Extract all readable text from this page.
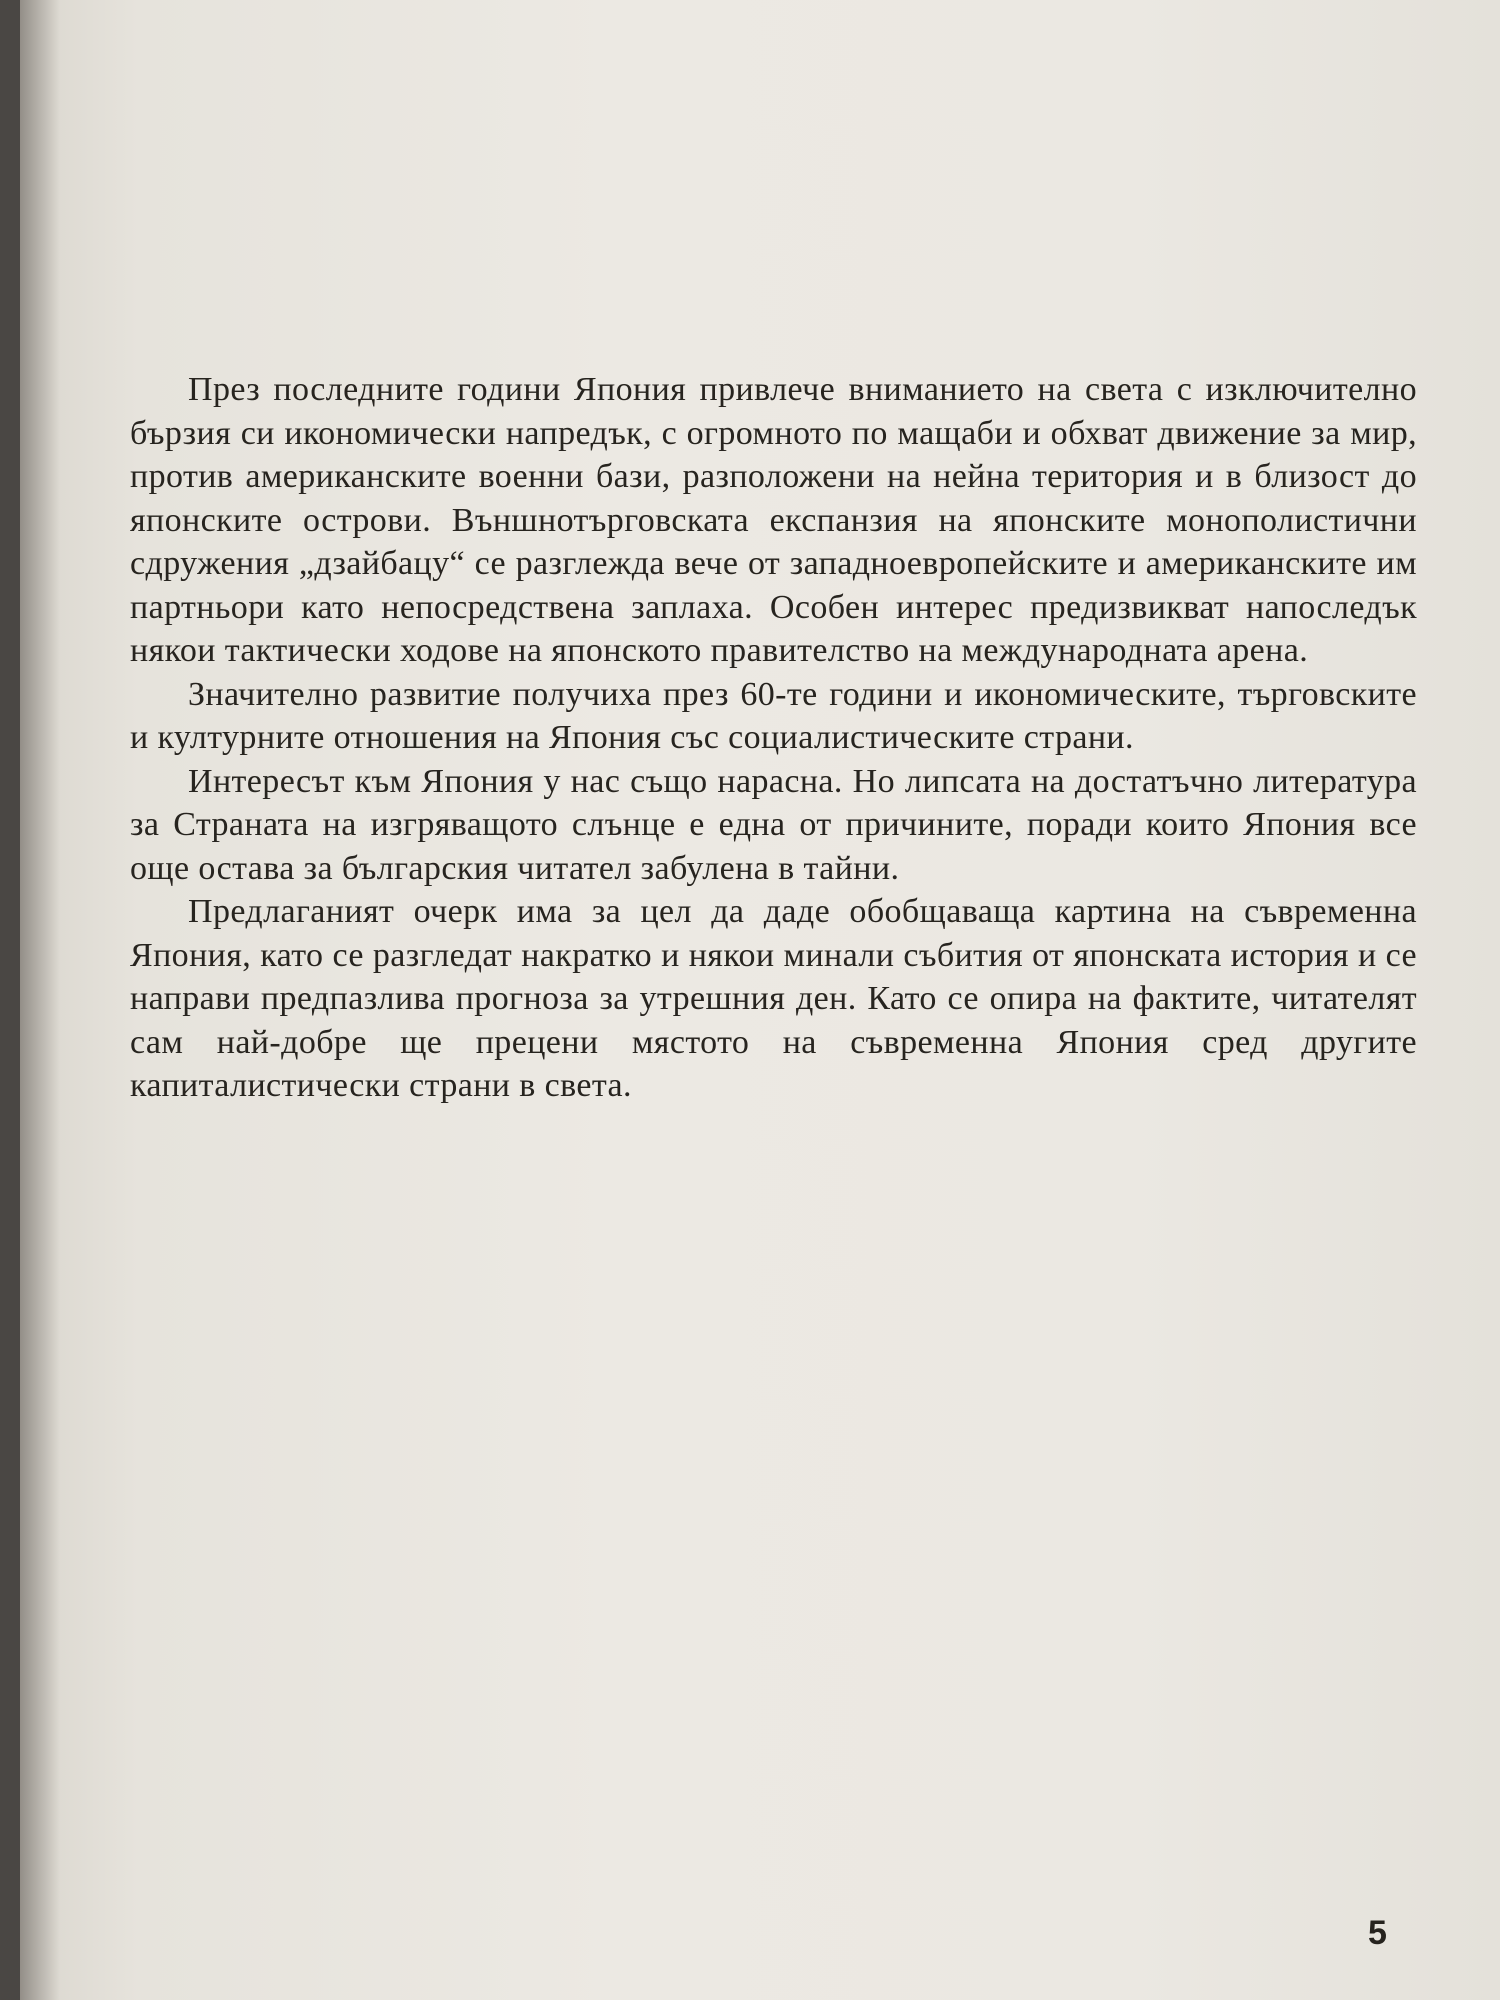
През последните години Япония привлече вниманието на света с изключително бързия си икономически напредък, с огромното по мащаби и обхват движение за мир, против американските военни бази, разположени на нейна територия и в близост до японските острови. Външнотърговската експанзия на японските монополистични сдружения „дзайбацу“ се разглежда вече от западноевропейските и американските им партньори като непосредствена заплаха. Особен интерес предизвикват напоследък някои тактически ходове на японското правителство на международната арена.

Значително развитие получиха през 60-те години и икономическите, търговските и културните отношения на Япония със социалистическите страни.

Интересът към Япония у нас също нарасна. Но липсата на достатъчно литература за Страната на изгряващото слънце е една от причините, поради които Япония все още остава за българския читател забулена в тайни.

Предлаганият очерк има за цел да даде обобщаваща картина на съвременна Япония, като се разгледат накратко и някои минали събития от японската история и се направи предпазлива прогноза за утрешния ден. Като се опира на фактите, читателят сам най-добре ще прецени мястото на съвременна Япония сред другите капиталистически страни в света.

5
